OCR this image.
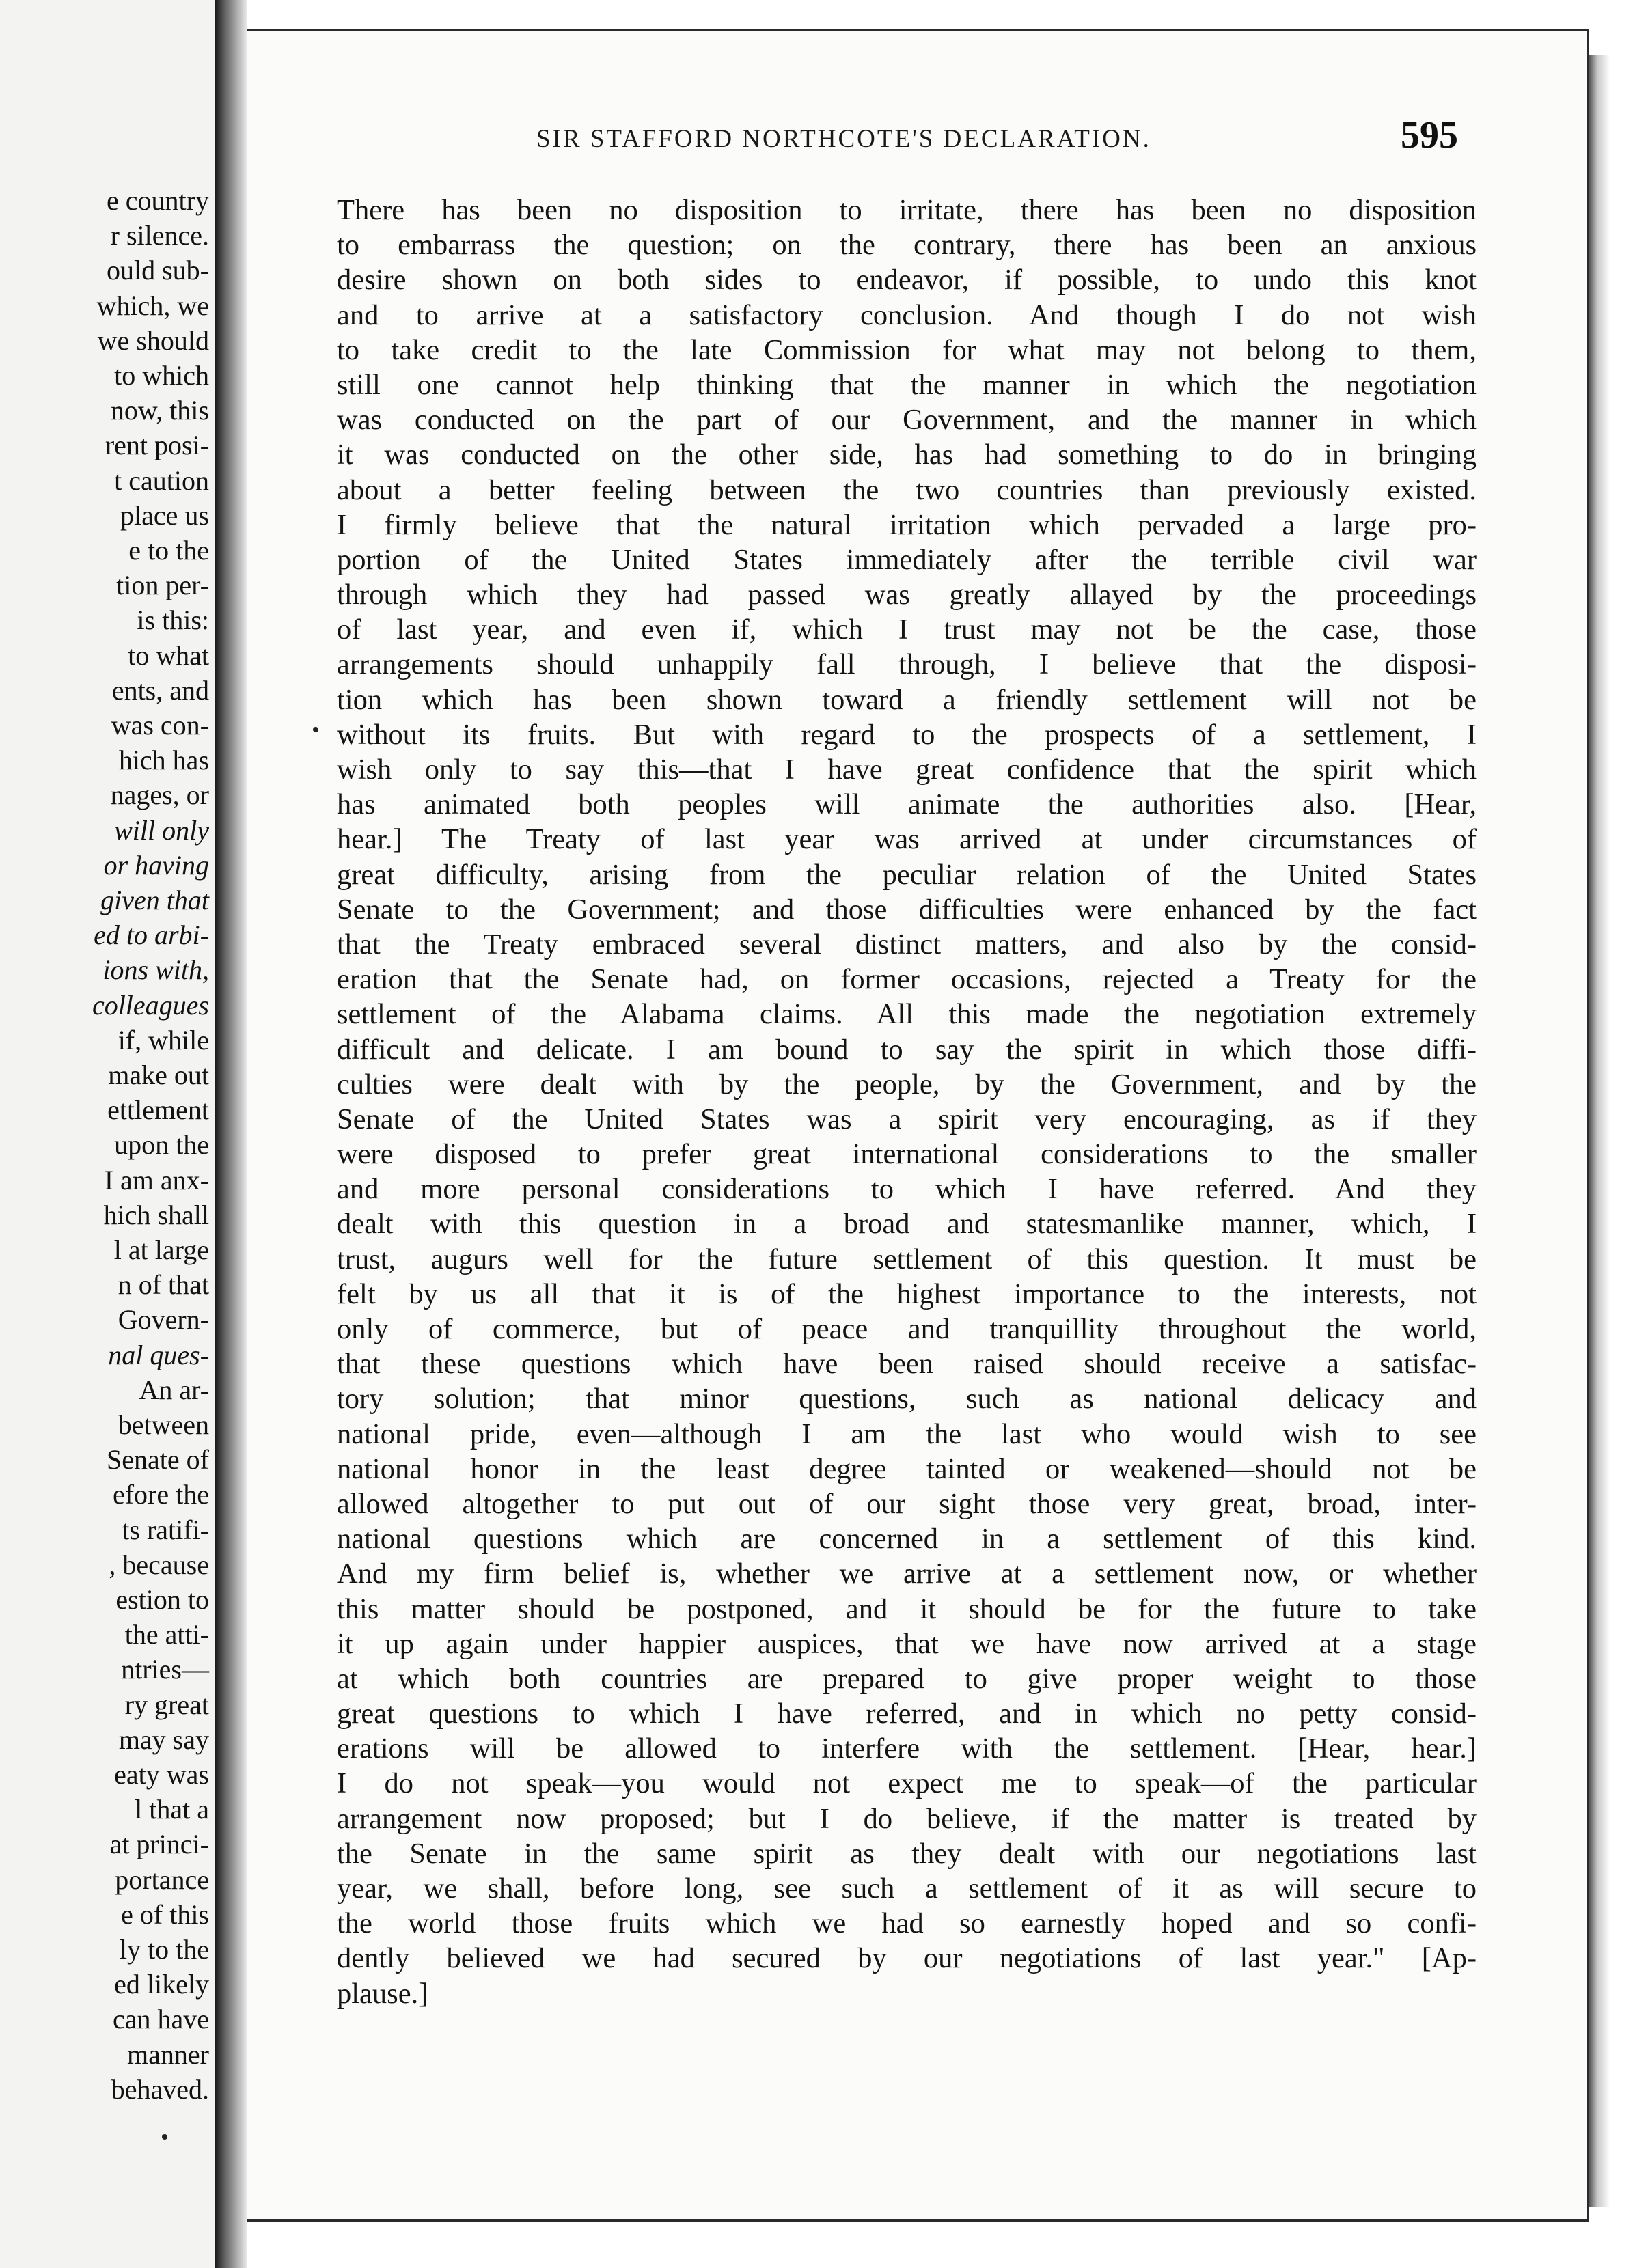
e country
r silence.
ould sub-
which, we
we should
to which
now, this
rent posi-
t caution
place us
e to the
tion per-
is this:
to what
ents, and
was con-
hich has
nages, or
will only
or having
given that
ed to arbi-
ions with,
colleagues
if, while
make out
ettlement
upon the
I am anx-
hich shall
l at large
n of that
Govern-
nal ques-
An ar-
between
Senate of
efore the
ts ratifi-
, because
estion to
the atti-
ntries—
ry great
may say
eaty was
l that a
at princi-
portance
e of this
ly to the
ed likely
can have
manner
behaved.
SIR STAFFORD NORTHCOTE'S DECLARATION.	595
There has been no disposition to irritate, there has been no disposition
to embarrass the question; on the contrary, there has been an anxious
desire shown on both sides to endeavor, if possible, to undo this knot
and to arrive at a satisfactory conclusion. And though I do not wish
to take credit to the late Commission for what may not belong to them,
still one cannot help thinking that the manner in which the negotiation
was conducted on the part of our Government, and the manner in which
it was conducted on the other side, has had something to do in bringing
about a better feeling between the two countries than previously existed.
I firmly believe that the natural irritation which pervaded a large pro-
portion of the United States immediately after the terrible civil war
through which they had passed was greatly allayed by the proceedings
of last year, and even if, which I trust may not be the case, those
arrangements should unhappily fall through, I believe that the disposi-
tion which has been shown toward a friendly settlement will not be
without its fruits. But with regard to the prospects of a settlement, I
wish only to say this—that I have great confidence that the spirit which
has animated both peoples will animate the authorities also. [Hear,
hear.] The Treaty of last year was arrived at under circumstances of
great difficulty, arising from the peculiar relation of the United States
Senate to the Government; and those difficulties were enhanced by the fact
that the Treaty embraced several distinct matters, and also by the consid-
eration that the Senate had, on former occasions, rejected a Treaty for the
settlement of the Alabama claims. All this made the negotiation extremely
difficult and delicate. I am bound to say the spirit in which those diffi-
culties were dealt with by the people, by the Government, and by the
Senate of the United States was a spirit very encouraging, as if they
were disposed to prefer great international considerations to the smaller
and more personal considerations to which I have referred. And they
dealt with this question in a broad and statesmanlike manner, which, I
trust, augurs well for the future settlement of this question. It must be
felt by us all that it is of the highest importance to the interests, not
only of commerce, but of peace and tranquillity throughout the world,
that these questions which have been raised should receive a satisfac-
tory solution; that minor questions, such as national delicacy and
national pride, even—although I am the last who would wish to see
national honor in the least degree tainted or weakened—should not be
allowed altogether to put out of our sight those very great, broad, inter-
national questions which are concerned in a settlement of this kind.
And my firm belief is, whether we arrive at a settlement now, or whether
this matter should be postponed, and it should be for the future to take
it up again under happier auspices, that we have now arrived at a stage
at which both countries are prepared to give proper weight to those
great questions to which I have referred, and in which no petty consid-
erations will be allowed to interfere with the settlement. [Hear, hear.]
I do not speak—you would not expect me to speak—of the particular
arrangement now proposed; but I do believe, if the matter is treated by
the Senate in the same spirit as they dealt with our negotiations last
year, we shall, before long, see such a settlement of it as will secure to
the world those fruits which we had so earnestly hoped and so confi-
dently believed we had secured by our negotiations of last year." [Ap-
plause.]
